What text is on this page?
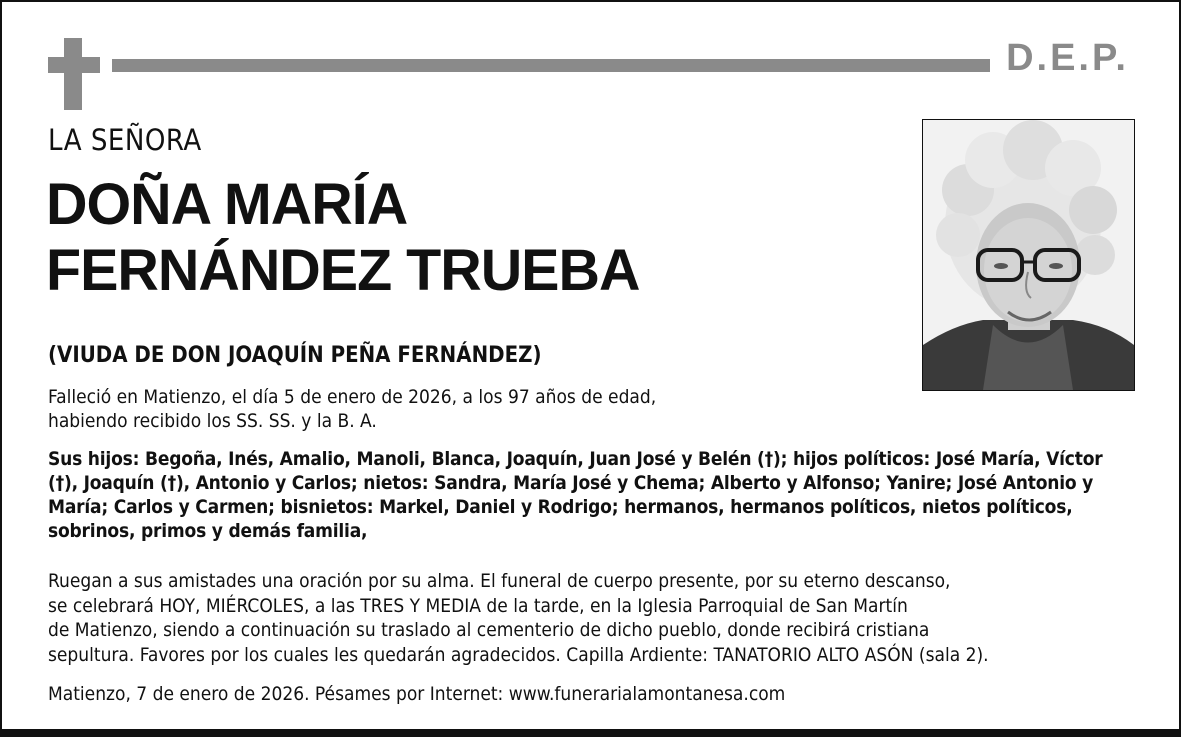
D.E.P.
LA SEÑORA
DOÑA MARÍA
FERNÁNDEZ TRUEBA
(VIUDA DE DON JOAQUÍN PEÑA FERNÁNDEZ)
Falleció en Matienzo, el día 5 de enero de 2026, a los 97 años de edad,
habiendo recibido los SS. SS. y la B. A.
Sus hijos: Begoña, Inés, Amalio, Manoli, Blanca, Joaquín, Juan José y Belén (†); hijos políticos: José María, Víctor (†), Joaquín (†), Antonio y Carlos; nietos: Sandra, María José y Chema; Alberto y Alfonso; Yanire; José Antonio y María; Carlos y Carmen; bisnietos: Markel, Daniel y Rodrigo; hermanos, hermanos políticos, nietos políticos, sobrinos, primos y demás familia,
Ruegan a sus amistades una oración por su alma. El funeral de cuerpo presente, por su eterno descanso,
se celebrará HOY, MIÉRCOLES, a las TRES Y MEDIA de la tarde, en la Iglesia Parroquial de San Martín
de Matienzo, siendo a continuación su traslado al cementerio de dicho pueblo, donde recibirá cristiana
sepultura. Favores por los cuales les quedarán agradecidos. Capilla Ardiente: TANATORIO ALTO ASÓN (sala 2).
Matienzo, 7 de enero de 2026. Pésames por Internet: www.funerarialamontanesa.com
